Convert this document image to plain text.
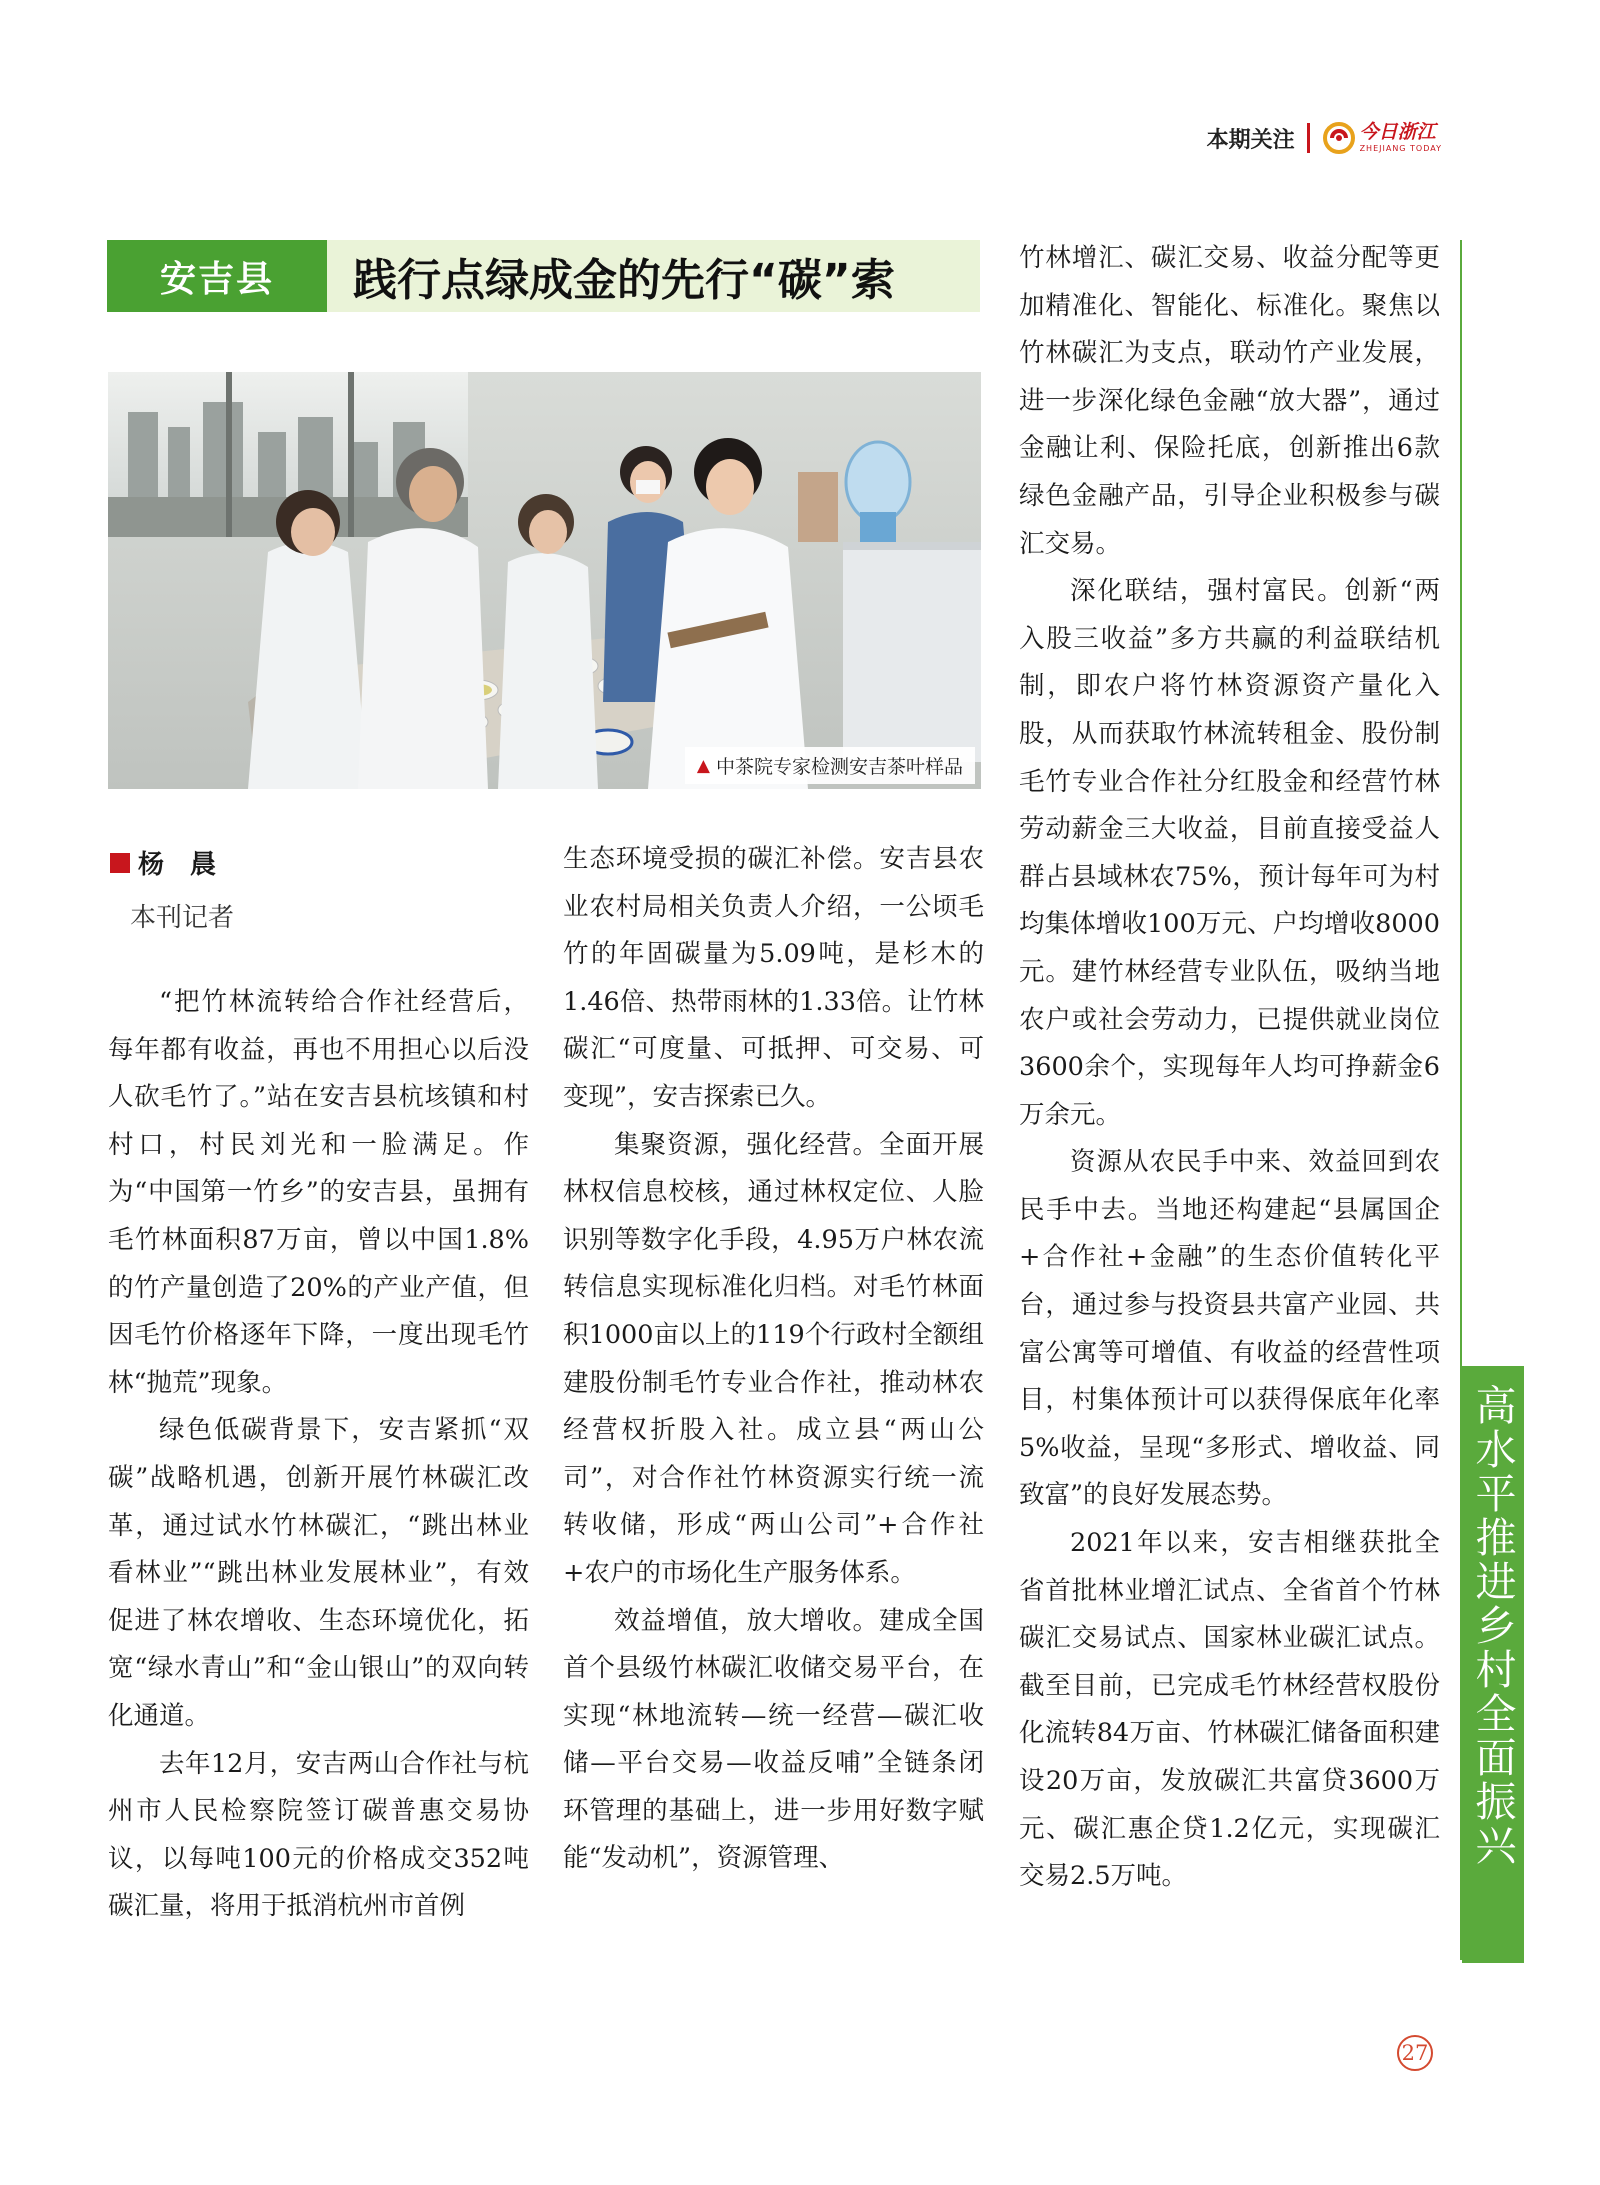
本期关注	今日浙江
ZHEJIANG TODAY
安吉县	践行点绿成金的先行“碳”索
▲ 中茶院专家检测安吉茶叶样品
杨　晨
本刊记者

“把竹林流转给合作社经营后，每年都有收益，再也不用担心以后没人砍毛竹了。”站在安吉县杭垓镇和村村口，村民刘光和一脸满足。作为“中国第一竹乡”的安吉县，虽拥有毛竹林面积87万亩，曾以中国1.8%的竹产量创造了20%的产业产值，但因毛竹价格逐年下降，一度出现毛竹林“抛荒”现象。

绿色低碳背景下，安吉紧抓“双碳”战略机遇，创新开展竹林碳汇改革，通过试水竹林碳汇，“跳出林业看林业”“跳出林业发展林业”，有效促进了林农增收、生态环境优化，拓宽“绿水青山”和“金山银山”的双向转化通道。

去年12月，安吉两山合作社与杭州市人民检察院签订碳普惠交易协议，以每吨100元的价格成交352吨碳汇量，将用于抵消杭州市首例

生态环境受损的碳汇补偿。安吉县农业农村局相关负责人介绍，一公顷毛竹的年固碳量为5.09吨，是杉木的1.46倍、热带雨林的1.33倍。让竹林碳汇“可度量、可抵押、可交易、可变现”，安吉探索已久。

集聚资源，强化经营。全面开展林权信息校核，通过林权定位、人脸识别等数字化手段，4.95万户林农流转信息实现标准化归档。对毛竹林面积1000亩以上的119个行政村全额组建股份制毛竹专业合作社，推动林农经营权折股入社。成立县“两山公司”，对合作社竹林资源实行统一流转收储，形成“两山公司”+合作社+农户的市场化生产服务体系。

效益增值，放大增收。建成全国首个县级竹林碳汇收储交易平台，在实现“林地流转—统一经营—碳汇收储—平台交易—收益反哺”全链条闭环管理的基础上，进一步用好数字赋能“发动机”，资源管理、

竹林增汇、碳汇交易、收益分配等更加精准化、智能化、标准化。聚焦以竹林碳汇为支点，联动竹产业发展，进一步深化绿色金融“放大器”，通过金融让利、保险托底，创新推出6款绿色金融产品，引导企业积极参与碳汇交易。

深化联结，强村富民。创新“两入股三收益”多方共赢的利益联结机制，即农户将竹林资源资产量化入股，从而获取竹林流转租金、股份制毛竹专业合作社分红股金和经营竹林劳动薪金三大收益，目前直接受益人群占县域林农75%，预计每年可为村均集体增收100万元、户均增收8000元。建竹林经营专业队伍，吸纳当地农户或社会劳动力，已提供就业岗位3600余个，实现每年人均可挣薪金6万余元。

资源从农民手中来、效益回到农民手中去。当地还构建起“县属国企+合作社+金融”的生态价值转化平台，通过参与投资县共富产业园、共富公寓等可增值、有收益的经营性项目，村集体预计可以获得保底年化率5%收益，呈现“多形式、增收益、同致富”的良好发展态势。

2021年以来，安吉相继获批全省首批林业增汇试点、全省首个竹林碳汇交易试点、国家林业碳汇试点。截至目前，已完成毛竹林经营权股份化流转84万亩、竹林碳汇储备面积建设20万亩，发放碳汇共富贷3600万元、碳汇惠企贷1.2亿元，实现碳汇交易2.5万吨。

高水平推进乡村全面振兴
27
